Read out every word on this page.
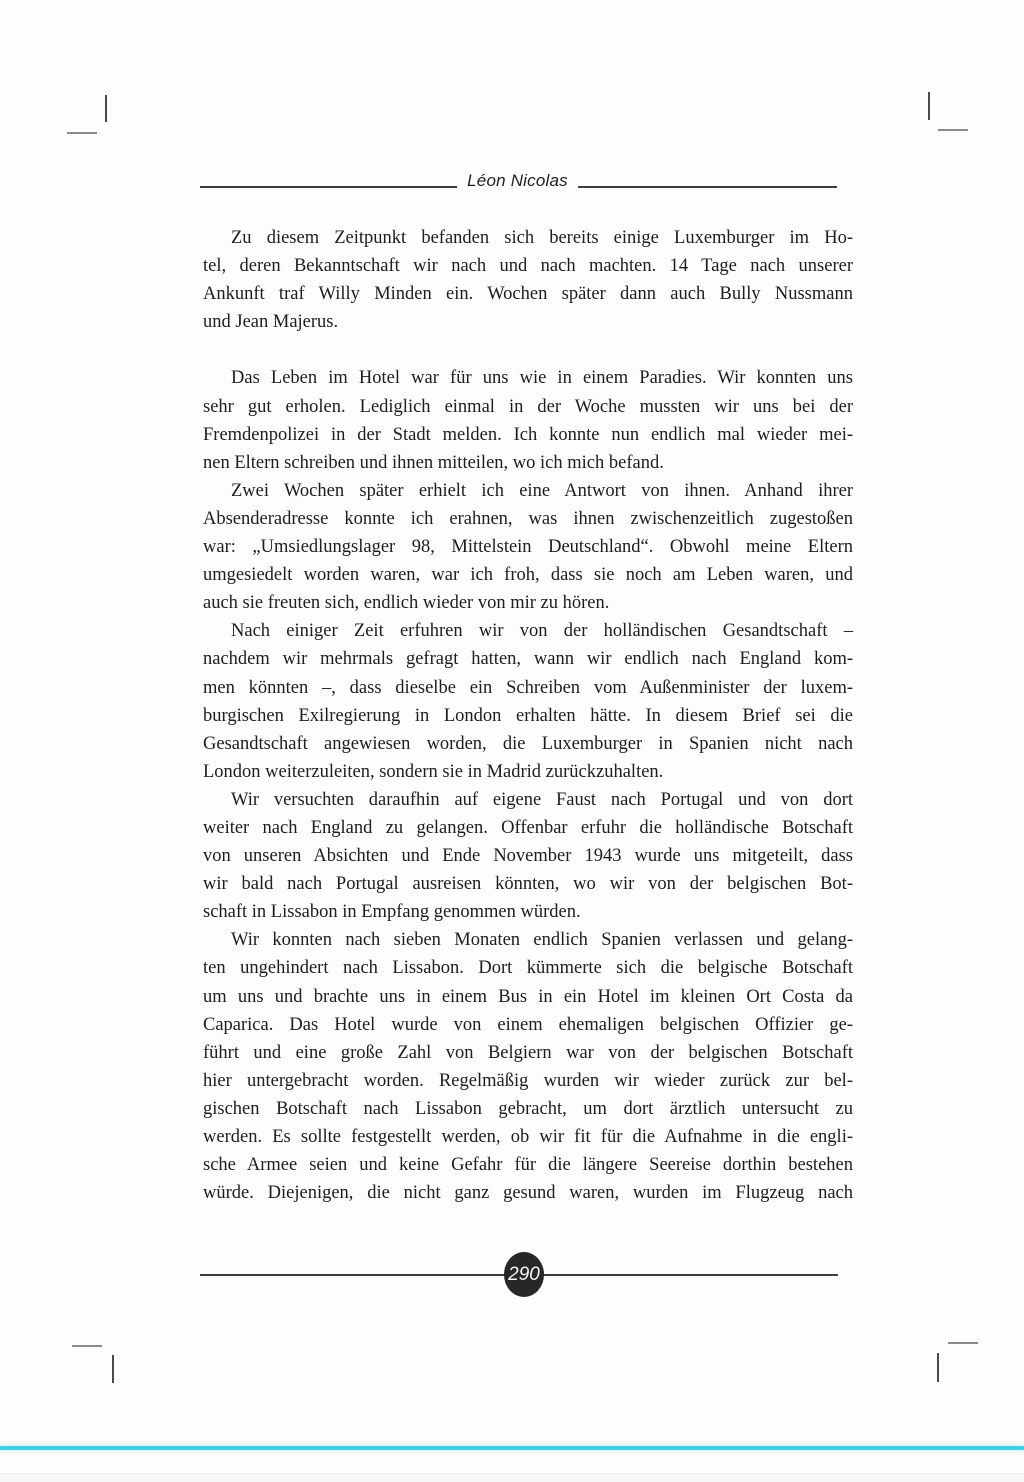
Léon Nicolas
Zu diesem Zeitpunkt befanden sich bereits einige Luxemburger im Ho-
tel, deren Bekanntschaft wir nach und nach machten. 14 Tage nach unserer
Ankunft traf Willy Minden ein. Wochen später dann auch Bully Nussmann
und Jean Majerus.
Das Leben im Hotel war für uns wie in einem Paradies. Wir konnten uns
sehr gut erholen. Lediglich einmal in der Woche mussten wir uns bei der
Fremdenpolizei in der Stadt melden. Ich konnte nun endlich mal wieder mei-
nen Eltern schreiben und ihnen mitteilen, wo ich mich befand.
Zwei Wochen später erhielt ich eine Antwort von ihnen. Anhand ihrer
Absenderadresse konnte ich erahnen, was ihnen zwischenzeitlich zugestoßen
war: „Umsiedlungslager 98, Mittelstein Deutschland“. Obwohl meine Eltern
umgesiedelt worden waren, war ich froh, dass sie noch am Leben waren, und
auch sie freuten sich, endlich wieder von mir zu hören.
Nach einiger Zeit erfuhren wir von der holländischen Gesandtschaft –
nachdem wir mehrmals gefragt hatten, wann wir endlich nach England kom-
men könnten –, dass dieselbe ein Schreiben vom Außenminister der luxem-
burgischen Exilregierung in London erhalten hätte. In diesem Brief sei die
Gesandtschaft angewiesen worden, die Luxemburger in Spanien nicht nach
London weiterzuleiten, sondern sie in Madrid zurückzuhalten.
Wir versuchten daraufhin auf eigene Faust nach Portugal und von dort
weiter nach England zu gelangen. Offenbar erfuhr die holländische Botschaft
von unseren Absichten und Ende November 1943 wurde uns mitgeteilt, dass
wir bald nach Portugal ausreisen könnten, wo wir von der belgischen Bot-
schaft in Lissabon in Empfang genommen würden.
Wir konnten nach sieben Monaten endlich Spanien verlassen und gelang-
ten ungehindert nach Lissabon. Dort kümmerte sich die belgische Botschaft
um uns und brachte uns in einem Bus in ein Hotel im kleinen Ort Costa da
Caparica. Das Hotel wurde von einem ehemaligen belgischen Offizier ge-
führt und eine große Zahl von Belgiern war von der belgischen Botschaft
hier untergebracht worden. Regelmäßig wurden wir wieder zurück zur bel-
gischen Botschaft nach Lissabon gebracht, um dort ärztlich untersucht zu
werden. Es sollte festgestellt werden, ob wir fit für die Aufnahme in die engli-
sche Armee seien und keine Gefahr für die längere Seereise dorthin bestehen
würde. Diejenigen, die nicht ganz gesund waren, wurden im Flugzeug nach
290
